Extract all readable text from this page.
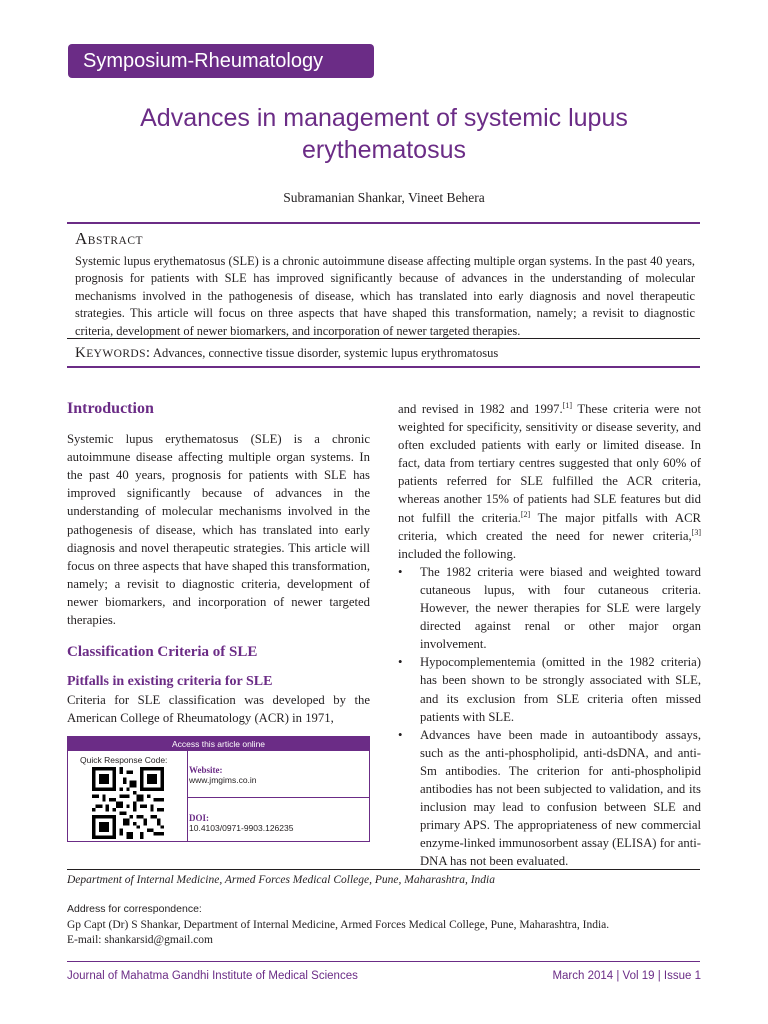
Symposium-Rheumatology
Advances in management of systemic lupus
erythematosus
Subramanian Shankar, Vineet Behera
ABSTRACT
Systemic lupus erythematosus (SLE) is a chronic autoimmune disease affecting multiple organ systems. In the past 40 years, prognosis for patients with SLE has improved significantly because of advances in the understanding of molecular mechanisms involved in the pathogenesis of disease, which has translated into early diagnosis and novel therapeutic strategies. This article will focus on three aspects that have shaped this transformation, namely; a revisit to diagnostic criteria, development of newer biomarkers, and incorporation of newer targeted therapies.
KEYWORDS: Advances, connective tissue disorder, systemic lupus erythromatosus
Introduction
Systemic lupus erythematosus (SLE) is a chronic autoimmune disease affecting multiple organ systems. In the past 40 years, prognosis for patients with SLE has improved significantly because of advances in the understanding of molecular mechanisms involved in the pathogenesis of disease, which has translated into early diagnosis and novel therapeutic strategies. This article will focus on three aspects that have shaped this transformation, namely; a revisit to diagnostic criteria, development of newer biomarkers, and incorporation of newer targeted therapies.
Classification Criteria of SLE
Pitfalls in existing criteria for SLE
Criteria for SLE classification was developed by the American College of Rheumatology (ACR) in 1971,
and revised in 1982 and 1997.[1] These criteria were not weighted for specificity, sensitivity or disease severity, and often excluded patients with early or limited disease. In fact, data from tertiary centres suggested that only 60% of patients referred for SLE fulfilled the ACR criteria, whereas another 15% of patients had SLE features but did not fulfill the criteria.[2] The major pitfalls with ACR criteria, which created the need for newer criteria,[3] included the following.
• The 1982 criteria were biased and weighted toward cutaneous lupus, with four cutaneous criteria. However, the newer therapies for SLE were largely directed against renal or other major organ involvement.
• Hypocomplementemia (omitted in the 1982 criteria) has been shown to be strongly associated with SLE, and its exclusion from SLE criteria often missed patients with SLE.
• Advances have been made in autoantibody assays, such as the anti-phospholipid, anti-dsDNA, and anti-Sm antibodies. The criterion for anti-phospholipid antibodies has not been subjected to validation, and its inclusion may lead to confusion between SLE and primary APS. The appropriateness of new commercial enzyme-linked immunosorbent assay (ELISA) for anti-DNA has not been evaluated.
Access this article online
Quick Response Code:
Website:
www.jmgims.co.in
DOI:
10.4103/0971-9903.126235
Department of Internal Medicine, Armed Forces Medical College, Pune, Maharashtra, India
Address for correspondence:
Gp Capt (Dr) S Shankar, Department of Internal Medicine, Armed Forces Medical College, Pune, Maharashtra, India.
E-mail: shankarsid@gmail.com
Journal of Mahatma Gandhi Institute of Medical Sciences	March 2014 | Vol 19 | Issue 1
